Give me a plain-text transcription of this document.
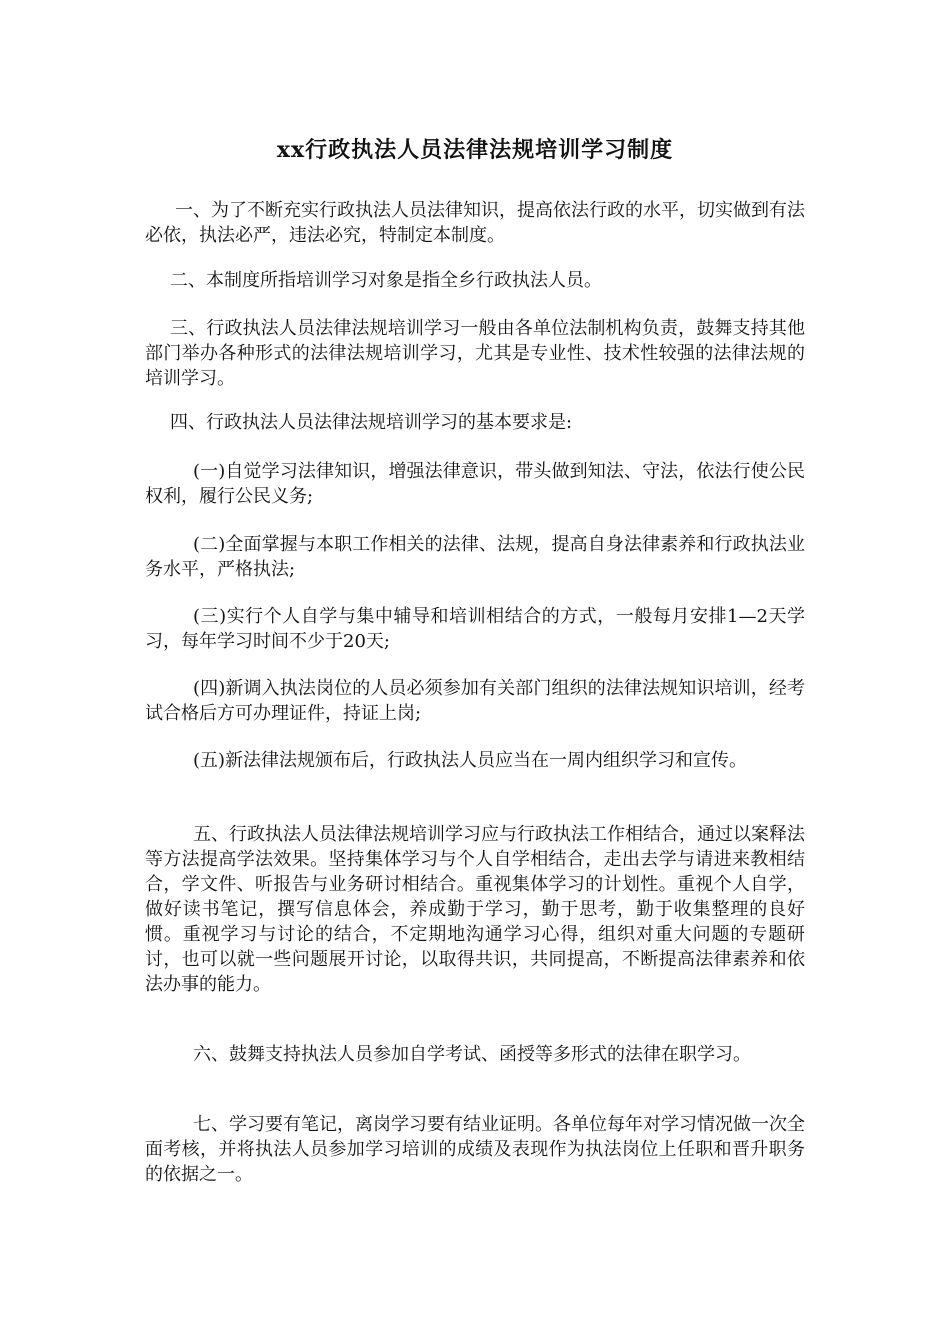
xx行政执法人员法律法规培训学习制度

一、为了不断充实行政执法人员法律知识，提高依法行政的水平，切实做到有法必依，执法必严，违法必究，特制定本制度。

二、本制度所指培训学习对象是指全乡行政执法人员。

三、行政执法人员法律法规培训学习一般由各单位法制机构负责，鼓舞支持其他部门举办各种形式的法律法规培训学习，尤其是专业性、技术性较强的法律法规的培训学习。

四、行政执法人员法律法规培训学习的基本要求是:

(一)自觉学习法律知识，增强法律意识，带头做到知法、守法，依法行使公民权利，履行公民义务;

(二)全面掌握与本职工作相关的法律、法规，提高自身法律素养和行政执法业务水平，严格执法;

(三)实行个人自学与集中辅导和培训相结合的方式，一般每月安排1—2天学习，每年学习时间不少于20天;

(四)新调入执法岗位的人员必须参加有关部门组织的法律法规知识培训，经考试合格后方可办理证件，持证上岗;

(五)新法律法规颁布后，行政执法人员应当在一周内组织学习和宣传。

五、行政执法人员法律法规培训学习应与行政执法工作相结合，通过以案释法等方法提高学法效果。坚持集体学习与个人自学相结合，走出去学与请进来教相结合，学文件、听报告与业务研讨相结合。重视集体学习的计划性。重视个人自学，做好读书笔记，撰写信息体会，养成勤于学习，勤于思考，勤于收集整理的良好惯。重视学习与讨论的结合，不定期地沟通学习心得，组织对重大问题的专题研讨，也可以就一些问题展开讨论，以取得共识，共同提高，不断提高法律素养和依法办事的能力。

六、鼓舞支持执法人员参加自学考试、函授等多形式的法律在职学习。

七、学习要有笔记，离岗学习要有结业证明。各单位每年对学习情况做一次全面考核，并将执法人员参加学习培训的成绩及表现作为执法岗位上任职和晋升职务的依据之一。
